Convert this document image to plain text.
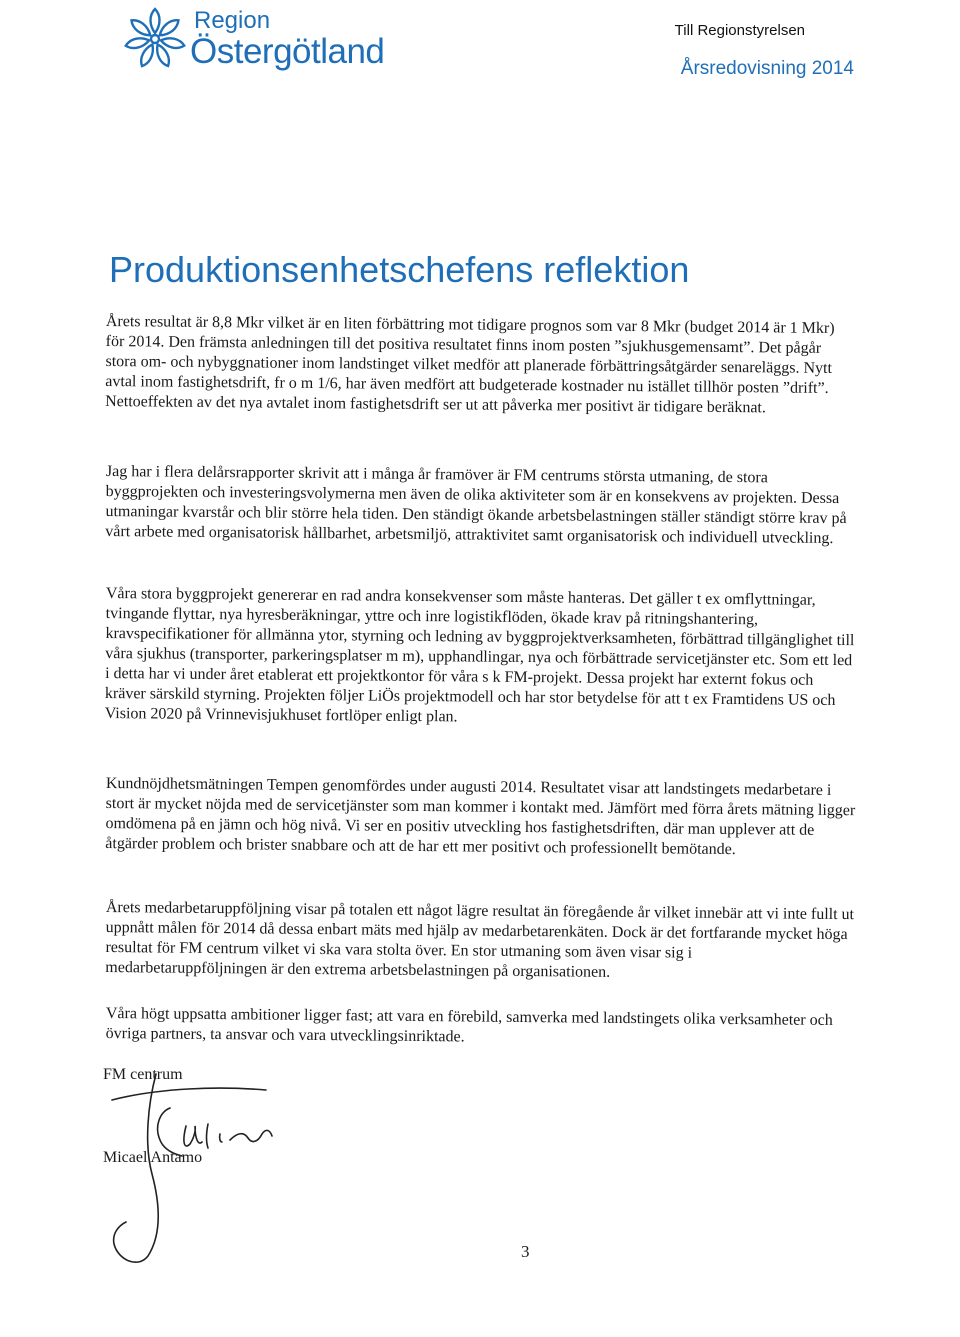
Region
Östergötland	Årsredovisning 2014
Till Regionstyrelsen
Produktionsenhetschefens reflektion

Årets resultat är 8,8 Mkr vilket är en liten förbättring mot tidigare prognos som var 8 Mkr (budget 2014 är 1 Mkr) för 2014. Den främsta anledningen till det positiva resultatet finns inom posten ”sjukhusgemensamt”. Det pågår stora om- och nybyggnationer inom landstinget vilket medför att planerade förbättringsåtgärder senareläggs. Nytt avtal inom fastighetsdrift, fr o m 1/6, har även medfört att budgeterade kostnader nu istället tillhör posten ”drift”. Nettoeffekten av det nya avtalet inom fastighetsdrift ser ut att påverka mer positivt är tidigare beräknat.

Jag har i flera delårsrapporter skrivit att i många år framöver är FM centrums största utmaning, de stora byggprojekten och investeringsvolymerna men även de olika aktiviteter som är en konsekvens av projekten. Dessa utmaningar kvarstår och blir större hela tiden. Den ständigt ökande arbetsbelastningen ställer ständigt större krav på vårt arbete med organisatorisk hållbarhet, arbetsmiljö, attraktivitet samt organisatorisk och individuell utveckling.

Våra stora byggprojekt genererar en rad andra konsekvenser som måste hanteras. Det gäller t ex omflyttningar, tvingande flyttar, nya hyresberäkningar, yttre och inre logistikflöden, ökade krav på ritningshantering, kravspecifikationer för allmänna ytor, styrning och ledning av byggprojektverksamheten, förbättrad tillgänglighet till våra sjukhus (transporter, parkeringsplatser m m), upphandlingar, nya och förbättrade servicetjänster etc. Som ett led i detta har vi under året etablerat ett projektkontor för våra s k FM-projekt. Dessa projekt har externt fokus och kräver särskild styrning. Projekten följer LiÖs projektmodell och har stor betydelse för att t ex Framtidens US och Vision 2020 på Vrinnevisjukhuset fortlöper enligt plan.

Kundnöjdhetsmätningen Tempen genomfördes under augusti 2014. Resultatet visar att landstingets medarbetare i stort är mycket nöjda med de servicetjänster som man kommer i kontakt med. Jämfört med förra årets mätning ligger omdömena på en jämn och hög nivå. Vi ser en positiv utveckling hos fastighetsdriften, där man upplever att de åtgärder problem och brister snabbare och att de har ett mer positivt och professionellt bemötande.

Årets medarbetaruppföljning visar på totalen ett något lägre resultat än föregående år vilket innebär att vi inte fullt ut uppnått målen för 2014 då dessa enbart mäts med hjälp av medarbetarenkäten. Dock är det fortfarande mycket höga resultat för FM centrum vilket vi ska vara stolta över. En stor utmaning som även visar sig i medarbetaruppföljningen är den extrema arbetsbelastningen på organisationen.

Våra högt uppsatta ambitioner ligger fast; att vara en förebild, samverka med landstingets olika verksamheter och övriga partners, ta ansvar och vara utvecklingsinriktade.

FM centrum
Micael Antamo
3
